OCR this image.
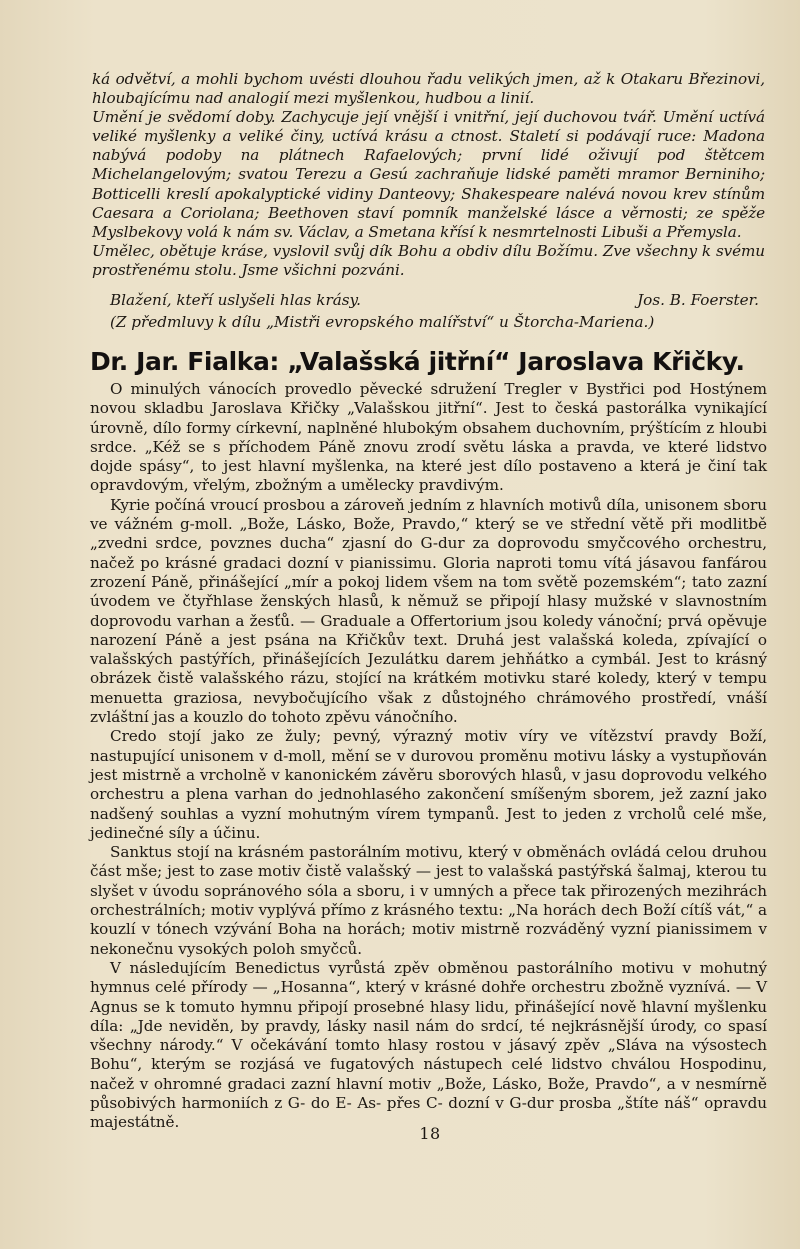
ká odvětví, a mohli bychom uvésti dlouhou řadu velikých jmen, až k Otakaru Březinovi, hloubajícímu nad analogií mezi myšlenkou, hudbou a linií.

Umění je svědomí doby. Zachycuje její vnější i vnitřní, její duchovou tvář. Umění uctívá veliké myšlenky a veliké činy, uctívá krásu a ctnost. Staletí si podávají ruce: Madona nabývá podoby na plátnech Rafaelových; první lidé oživují pod štětcem Michelangelovým; svatou Terezu a Gesú zachraňuje lidské paměti mramor Berniniho; Botticelli kreslí apokalyptické vidiny Danteovy; Shakespeare nalévá novou krev stínům Caesara a Coriolana; Beethoven staví pomník manželské lásce a věrnosti; ze spěže Myslbekovy volá k nám sv. Václav, a Smetana křísí k nesmrtelnosti Libuši a Přemysla.

Umělec, obětuje kráse, vyslovil svůj dík Bohu a obdiv dílu Božímu. Zve všechny k svému prostřenému stolu. Jsme všichni pozváni.

Blažení, kteří uslyšeli hlas krásy.	Jos. B. Foerster.
(Z předmluvy k dílu „Mistři evropského malířství“ u Štorcha-Mariena.)
Dr. Jar. Fialka: „Valašská jitřní“ Jaroslava Křičky.

O minulých vánocích provedlo pěvecké sdružení Tregler v Bystřici pod Hostýnem novou skladbu Jaroslava Křičky „Valašskou jitřní“. Jest to česká pastorálka vynikající úrovně, dílo formy církevní, naplněné hlubokým obsahem duchovním, prýštícím z hloubi srdce. „Kéž se s příchodem Páně znovu zrodí světu láska a pravda, ve které lidstvo dojde spásy“, to jest hlavní myšlenka, na které jest dílo postaveno a která je činí tak opravdovým, vřelým, zbožným a umělecky pravdivým.

Kyrie počíná vroucí prosbou a zároveň jedním z hlavních motivů díla, unisonem sboru ve vážném g-moll. „Bože, Lásko, Bože, Pravdo,“ který se ve střední větě při modlitbě „zvedni srdce, povznes ducha“ zjasní do G-dur za doprovodu smyčcového orchestru, načež po krásné gradaci dozní v pianissimu. Gloria naproti tomu vítá jásavou fanfárou zrození Páně, přinášející „mír a pokoj lidem všem na tom světě pozemském“; tato zazní úvodem ve čtyřhlase ženských hlasů, k němuž se připojí hlasy mužské v slavnostním doprovodu varhan a žesťů. — Graduale a Offertorium jsou koledy vánoční; prvá opěvuje narození Páně a jest psána na Křičkův text. Druhá jest valašská koleda, zpívající o valašských pastýřích, přinášejících Jezulátku darem jehňátko a cymbál. Jest to krásný obrázek čistě valašského rázu, stojící na krátkém motivku staré koledy, který v tempu menuetta graziosa, nevybočujícího však z důstojného chrámového prostředí, vnáší zvláštní jas a kouzlo do tohoto zpěvu vánočního.

Credo stojí jako ze žuly; pevný, výrazný motiv víry ve vítězství pravdy Boží, nastupující unisonem v d-moll, mění se v durovou proměnu motivu lásky a vystupňován jest mistrně a vrcholně v kanonickém závěru sborových hlasů, v jasu doprovodu velkého orchestru a plena varhan do jednohlasého zakončení smíšeným sborem, jež zazní jako nadšený souhlas a vyzní mohutným vírem tympanů. Jest to jeden z vrcholů celé mše, jedinečné síly a účinu.

Sanktus stojí na krásném pastorálním motivu, který v obměnách ovládá celou druhou část mše; jest to zase motiv čistě valašský — jest to valašská pastýřská šalmaj, kterou tu slyšet v úvodu sopránového sóla a sboru, i v umných a přece tak přirozených mezihrách orchestrálních; motiv vyplývá přímo z krásného textu: „Na horách dech Boží cítíš vát,“ a kouzlí v tónech vzývání Boha na horách; motiv mistrně rozváděný vyzní pianissimem v nekonečnu vysokých poloh smyčců.

V následujícím Benedictus vyrůstá zpěv obměnou pastorálního motivu v mohutný hymnus celé přírody — „Hosanna“, který v krásné dohře orchestru zbožně vyznívá. — V Agnus se k tomuto hymnu připojí prosebné hlasy lidu, přinášející nově hlavní myšlenku díla: „Jde neviděn, by pravdy, lásky nasil nám do srdcí, té nejkrásnější úrody, co spasí všechny národy.“ V očekávání tomto hlasy rostou v jásavý zpěv „Sláva na výsostech Bohu“, kterým se rozjásá ve fugatových nástupech celé lidstvo chválou Hospodinu, načež v ohromné gradaci zazní hlavní motiv „Bože, Lásko, Bože, Pravdo“, a v nesmírně působivých harmoniích z G- do E- As- přes C- dozní v G-dur prosba „štíte náš“ opravdu majestátně.

18
